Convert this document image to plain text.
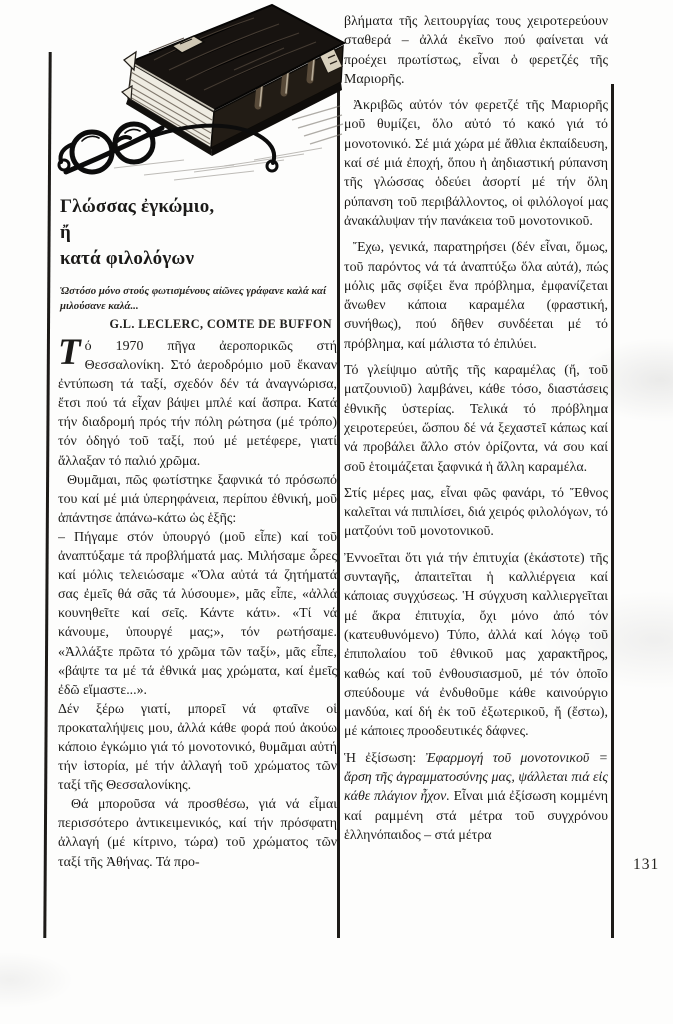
Γλώσσας ἐγκώμιο,
ἤ
κατά φιλολόγων
Ὡστόσο μόνο στούς φωτισμένους αἰῶνες γράφανε καλά καί μιλούσανε καλά...
G.L. LECLERC, COMTE DE BUFFON

Τό 1970 πῆγα ἀεροπορικῶς στή Θεσσαλονίκη. Στό ἀεροδρόμιο μοῦ ἔκαναν ἐντύπωση τά ταξί, σχεδόν δέν τά ἀναγνώρισα, ἔτσι πού τά εἶχαν βάψει μπλέ καί ἄσπρα. Κατά τήν διαδρομή πρός τήν πόλη ρώτησα (μέ τρόπο) τόν ὁδηγό τοῦ ταξί, πού μέ μετέφερε, γιατί ἄλλαξαν τό παλιό χρῶμα.

Θυμᾶμαι, πῶς φωτίστηκε ξαφνικά τό πρόσωπό του καί μέ μιά ὑπερηφάνεια, περίπου ἐθνική, μοῦ ἀπάντησε ἀπάνω-κάτω ὡς ἑξῆς:

– Πήγαμε στόν ὑπουργό (μοῦ εἶπε) καί τοῦ ἀναπτύξαμε τά προβλήματά μας. Μιλήσαμε ὧρες καί μόλις τελειώσαμε «Ὅλα αὐτά τά ζητήματά σας ἐμεῖς θά σᾶς τά λύσουμε», μᾶς εἶπε, «ἀλλά κουνηθεῖτε καί σεῖς. Κάντε κάτι». «Τί νά κάνουμε, ὑπουργέ μας;», τόν ρωτήσαμε. «Ἀλλάξτε πρῶτα τό χρῶμα τῶν ταξί», μᾶς εἶπε, «βάψτε τα μέ τά ἐθνικά μας χρώματα, καί ἐμεῖς ἐδῶ εἴμαστε...».

Δέν ξέρω γιατί, μπορεῖ νά φταῖνε οἱ προκαταλήψεις μου, ἀλλά κάθε φορά πού ἀκούω κάποιο ἐγκώμιο γιά τό μονοτονικό, θυμᾶμαι αὐτή τήν ἱστορία, μέ τήν ἀλλαγή τοῦ χρώματος τῶν ταξί τῆς Θεσσαλονίκης.

Θά μποροῦσα νά προσθέσω, γιά νά εἶμαι περισσότερο ἀντικειμενικός, καί τήν πρόσφατη ἀλλαγή (μέ κίτρινο, τώρα) τοῦ χρώματος τῶν ταξί τῆς Ἀθήνας. Τά προ-

βλήματα τῆς λειτουργίας τους χειροτερεύουν σταθερά – ἀλλά ἐκεῖνο πού φαίνεται νά προέχει πρωτίστως, εἶναι ὁ φερετζές τῆς Μαριορῆς.

Ἀκριβῶς αὐτόν τόν φερετζέ τῆς Μαριορῆς μοῦ θυμίζει, ὅλο αὐτό τό κακό γιά τό μονοτονικό. Σέ μιά χώρα μέ ἄθλια ἐκπαίδευση, καί σέ μιά ἐποχή, ὅπου ἡ ἀηδιαστική ρύπανση τῆς γλώσσας ὁδεύει ἀσορτί μέ τήν ὅλη ρύπανση τοῦ περιβάλλοντος, οἱ φιλόλογοί μας ἀνακάλυψαν τήν πανάκεια τοῦ μονοτονικοῦ.

Ἔχω, γενικά, παρατηρήσει (δέν εἶναι, ὅμως, τοῦ παρόντος νά τά ἀναπτύξω ὅλα αὐτά), πώς μόλις μᾶς σφίξει ἕνα πρόβλημα, ἐμφανίζεται ἄνωθεν κάποια καραμέλα (φραστική, συνήθως), πού δῆθεν συνδέεται μέ τό πρόβλημα, καί μάλιστα τό ἐπιλύει.

Τό γλείψιμο αὐτῆς τῆς καραμέλας (ἤ, τοῦ ματζουνιοῦ) λαμβάνει, κάθε τόσο, διαστάσεις ἐθνικῆς ὑστερίας. Τελικά τό πρόβλημα χειροτερεύει, ὥσπου δέ νά ξεχαστεῖ κάπως καί νά προβάλει ἄλλο στόν ὁρίζοντα, νά σου καί σοῦ ἑτοιμάζεται ξαφνικά ἡ ἄλλη καραμέλα.

Στίς μέρες μας, εἶναι φῶς φανάρι, τό Ἔθνος καλεῖται νά πιπιλίσει, διά χειρός φιλολόγων, τό ματζούνι τοῦ μονοτονικοῦ.

Ἐννοεῖται ὅτι γιά τήν ἐπιτυχία (ἑκάστοτε) τῆς συνταγῆς, ἀπαιτεῖται ἡ καλλιέργεια καί κάποιας συγχύσεως. Ἡ σύγχυση καλλιεργεῖται μέ ἄκρα ἐπιτυχία, ὄχι μόνο ἀπό τόν (κατευθυνόμενο) Τύπο, ἀλλά καί λόγῳ τοῦ ἐπιπολαίου τοῦ ἐθνικοῦ μας χαρακτῆρος, καθώς καί τοῦ ἐνθουσιασμοῦ, μέ τόν ὁποῖο σπεύδουμε νά ἐνδυθοῦμε κάθε καινούργιο μανδύα, καί δή ἐκ τοῦ ἐξωτερικοῦ, ἤ (ἔστω), μέ κάποιες προοδευτικές δάφνες.

Ἡ ἐξίσωση: Ἐφαρμογή τοῦ μονοτονικοῦ = ἄρση τῆς ἀγραμματοσύνης μας, ψάλλεται πιά εἰς κάθε πλάγιον ἦχον. Εἶναι μιά ἐξίσωση κομμένη καί ραμμένη στά μέτρα τοῦ συγχρόνου ἑλληνόπαιδος – στά μέτρα

131
